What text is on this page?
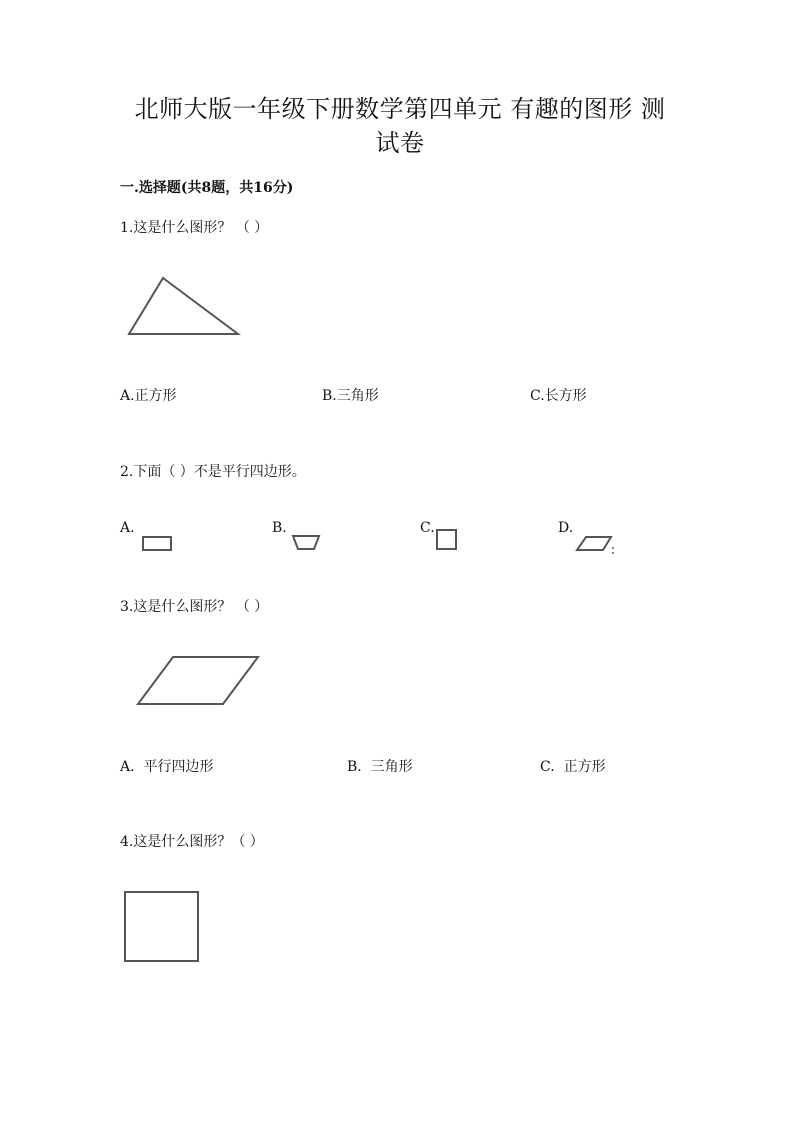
北师大版一年级下册数学第四单元 有趣的图形 测
试卷
一.选择题(共8题，共16分)
1.这是什么图形？ （ ）
A.正方形	B.三角形	C.长方形
2.下面（ ）不是平行四边形。
A.	B.	C.	D.
3.这是什么图形？ （ ）
A.  平行四边形	B.  三角形	C.  正方形
4.这是什么图形？（ ）
